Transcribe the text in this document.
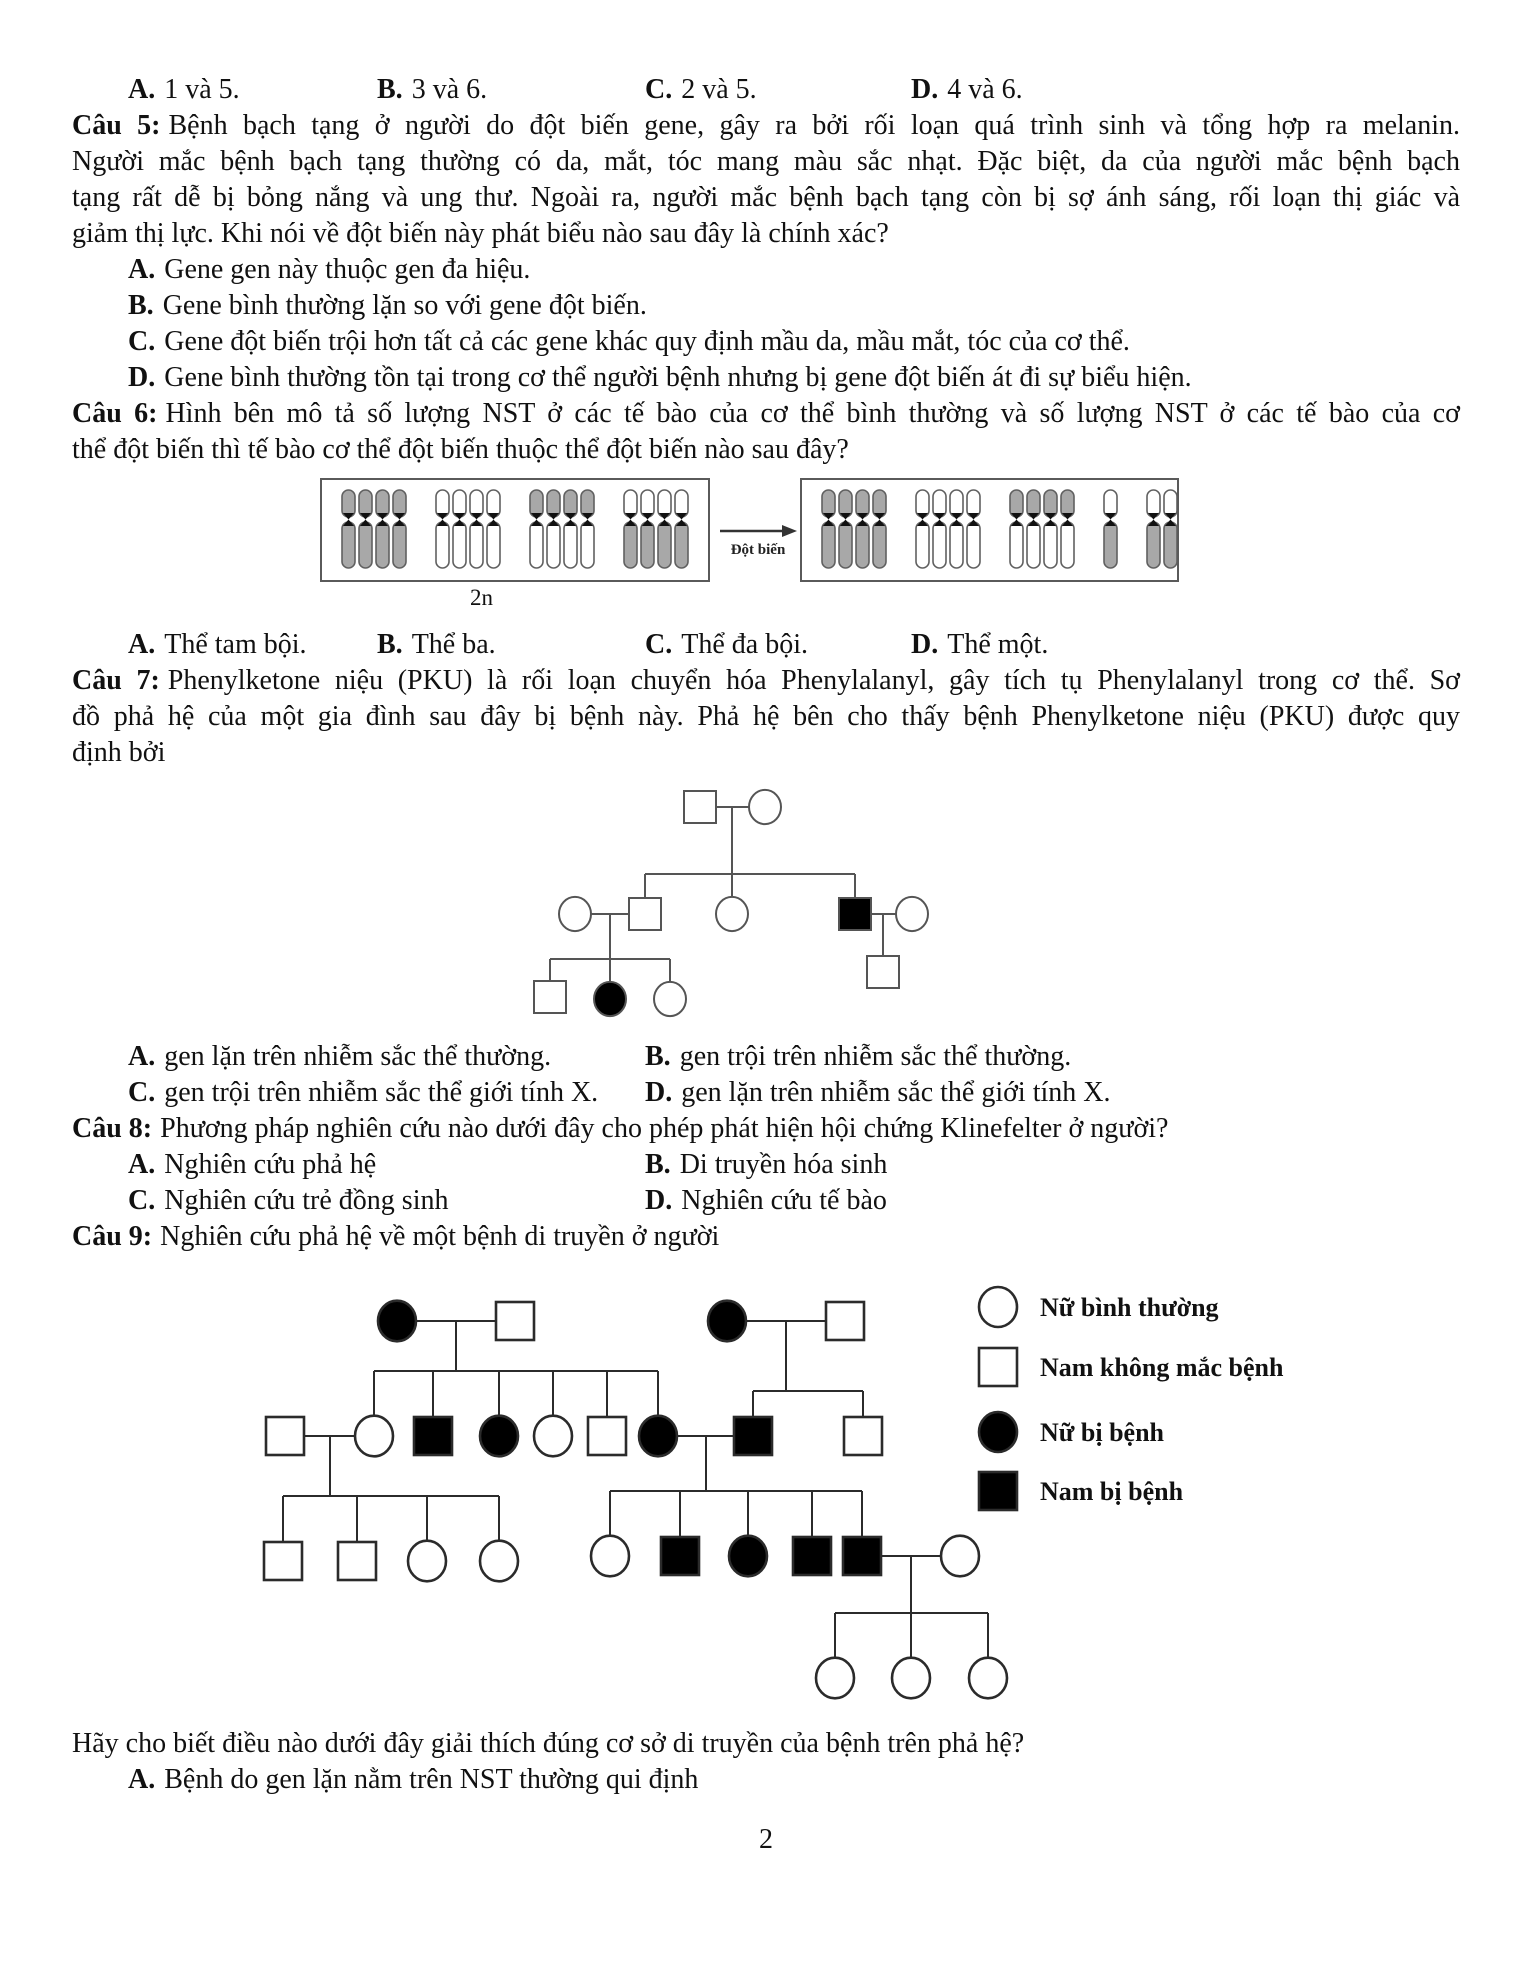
A. 1 và 5.	B. 3 và 6.	C. 2 và 5.	D. 4 và 6.
Câu 5: Bệnh bạch tạng ở người do đột biến gene, gây ra bởi rối loạn quá trình sinh và tổng hợp ra melanin.
Người mắc bệnh bạch tạng thường có da, mắt, tóc mang màu sắc nhạt. Đặc biệt, da của người mắc bệnh bạch
tạng rất dễ bị bỏng nắng và ung thư. Ngoài ra, người mắc bệnh bạch tạng còn bị sợ ánh sáng, rối loạn thị giác và
giảm thị lực. Khi nói về đột biến này phát biểu nào sau đây là chính xác?
A. Gene gen này thuộc gen đa hiệu.
B. Gene bình thường lặn so với gene đột biến.
C. Gene đột biến trội hơn tất cả các gene khác quy định mầu da, mầu mắt, tóc của cơ thể.
D. Gene bình thường tồn tại trong cơ thể người bệnh nhưng bị gene đột biến át đi sự biểu hiện.
Câu 6: Hình bên mô tả số lượng NST ở các tế bào của cơ thể bình thường và số lượng NST ở các tế bào của cơ
thể đột biến thì tế bào cơ thể đột biến thuộc thể đột biến nào sau đây?
Đột biến
2n
A. Thể tam bội.	B. Thể ba.	C. Thể đa bội.	D. Thể một.
Câu 7: Phenylketone niệu (PKU) là rối loạn chuyển hóa Phenylalanyl, gây tích tụ Phenylalanyl trong cơ thể. Sơ
đồ phả hệ của một gia đình sau đây bị bệnh này. Phả hệ bên cho thấy bệnh Phenylketone niệu (PKU) được quy
định bởi
A. gen lặn trên nhiễm sắc thể thường.	B. gen trội trên nhiễm sắc thể thường.
C. gen trội trên nhiễm sắc thể giới tính X.	D. gen lặn trên nhiễm sắc thể giới tính X.
Câu 8: Phương pháp nghiên cứu nào dưới đây cho phép phát hiện hội chứng Klinefelter ở người?
A. Nghiên cứu phả hệ	B. Di truyền hóa sinh
C. Nghiên cứu trẻ đồng sinh	D. Nghiên cứu tế bào
Câu 9: Nghiên cứu phả hệ về một bệnh di truyền ở người
Nữ bình thường
Nam không mắc bệnh
Nữ bị bệnh
Nam bị bệnh
Hãy cho biết điều nào dưới đây giải thích đúng cơ sở di truyền của bệnh trên phả hệ?
A. Bệnh do gen lặn nằm trên NST thường qui định
2
